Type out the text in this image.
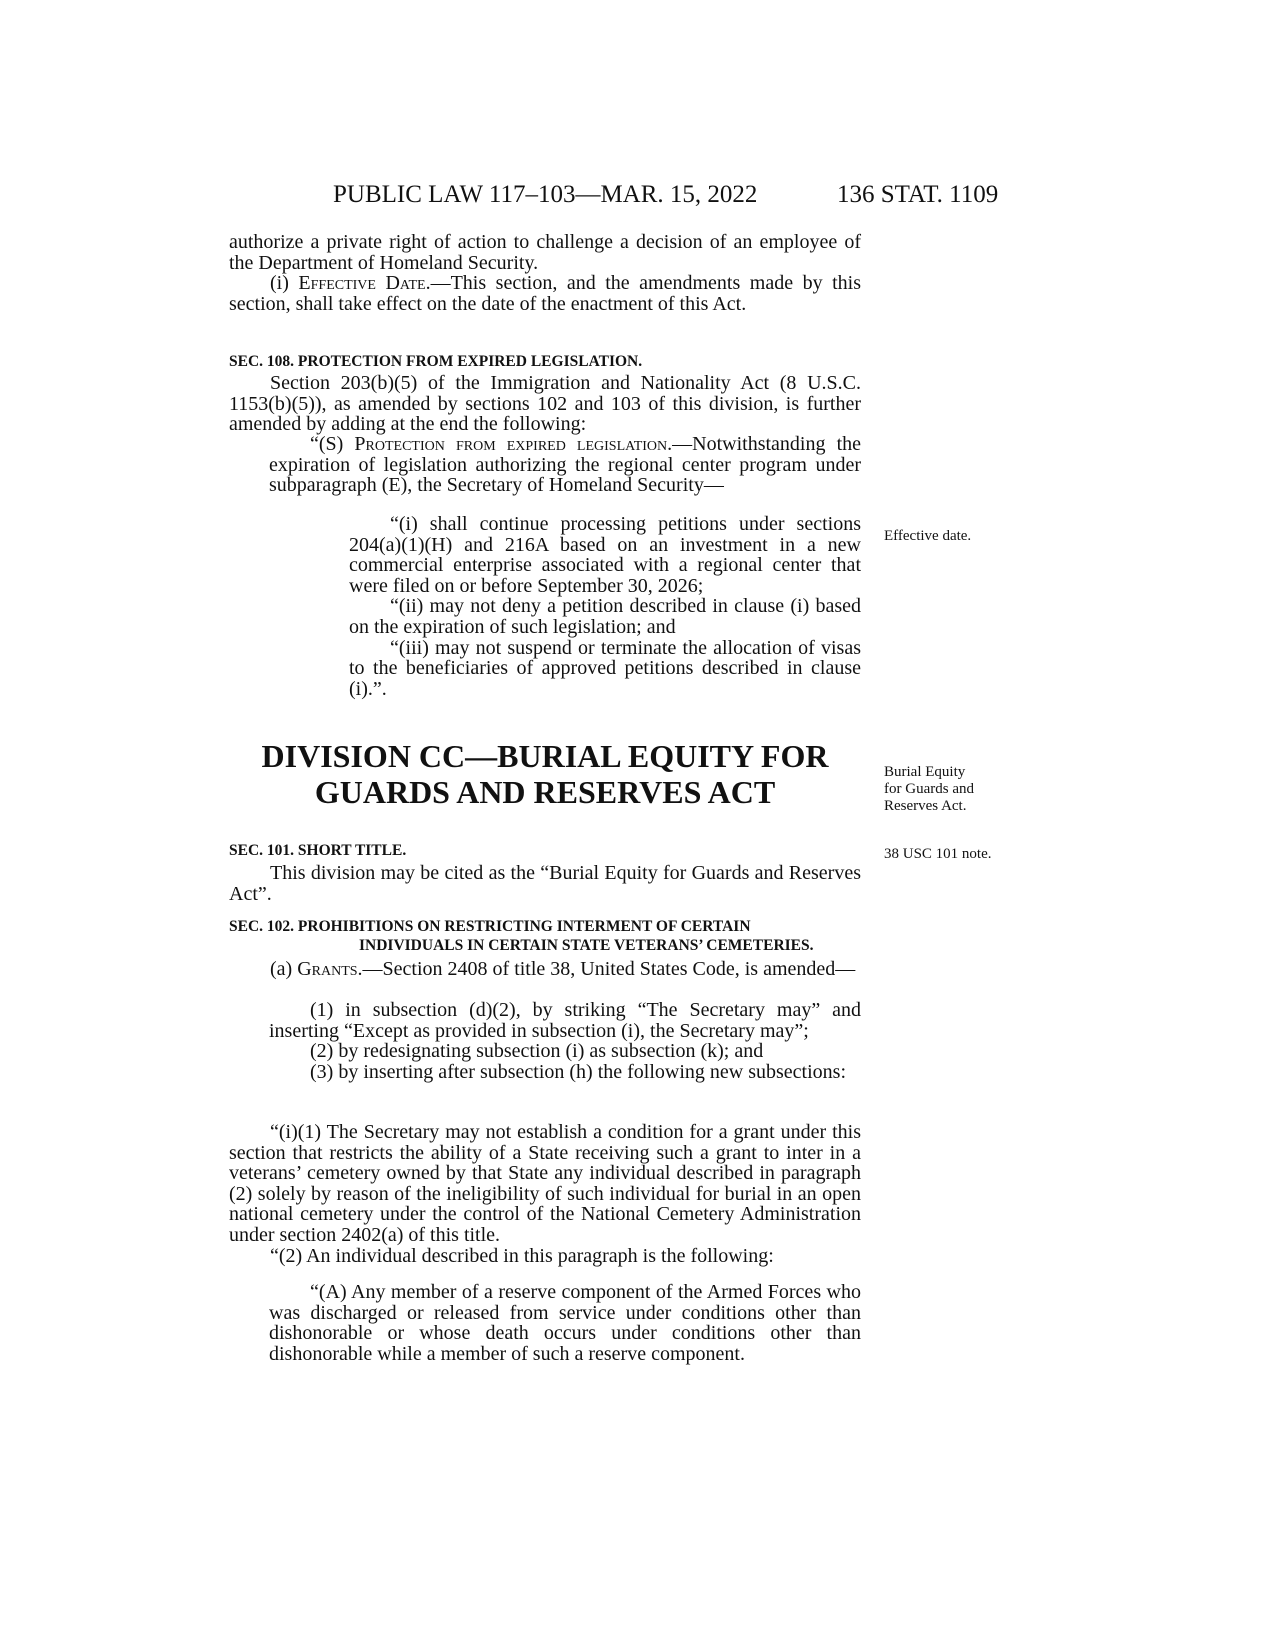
PUBLIC LAW 117–103—MAR. 15, 2022	136 STAT. 1109

authorize a private right of action to challenge a decision of an employee of the Department of Homeland Security.

(i) Effective Date.—This section, and the amendments made by this section, shall take effect on the date of the enactment of this Act.

SEC. 108. PROTECTION FROM EXPIRED LEGISLATION.

Section 203(b)(5) of the Immigration and Nationality Act (8 U.S.C. 1153(b)(5)), as amended by sections 102 and 103 of this division, is further amended by adding at the end the following:

“(S) Protection from expired legislation.—Notwithstanding the expiration of legislation authorizing the regional center program under subparagraph (E), the Secretary of Homeland Security—

“(i) shall continue processing petitions under sections 204(a)(1)(H) and 216A based on an investment in a new commercial enterprise associated with a regional center that were filed on or before September 30, 2026;

“(ii) may not deny a petition described in clause (i) based on the expiration of such legislation; and

“(iii) may not suspend or terminate the allocation of visas to the beneficiaries of approved petitions described in clause (i).”.

DIVISION CC—BURIAL EQUITY FOR
GUARDS AND RESERVES ACT

SEC. 101. SHORT TITLE.

This division may be cited as the “Burial Equity for Guards and Reserves Act”.

SEC. 102. PROHIBITIONS ON RESTRICTING INTERMENT OF CERTAIN

INDIVIDUALS IN CERTAIN STATE VETERANS’ CEMETERIES.

(a) Grants.—Section 2408 of title 38, United States Code, is amended—

(1) in subsection (d)(2), by striking “The Secretary may” and inserting “Except as provided in subsection (i), the Secretary may”;

(2) by redesignating subsection (i) as subsection (k); and

(3) by inserting after subsection (h) the following new subsections:

“(i)(1) The Secretary may not establish a condition for a grant under this section that restricts the ability of a State receiving such a grant to inter in a veterans’ cemetery owned by that State any individual described in paragraph (2) solely by reason of the ineligibility of such individual for burial in an open national cemetery under the control of the National Cemetery Administration under section 2402(a) of this title.

“(2) An individual described in this paragraph is the following:

“(A) Any member of a reserve component of the Armed Forces who was discharged or released from service under conditions other than dishonorable or whose death occurs under conditions other than dishonorable while a member of such a reserve component.

Effective date.
Burial Equity
for Guards and
Reserves Act.
38 USC 101 note.
